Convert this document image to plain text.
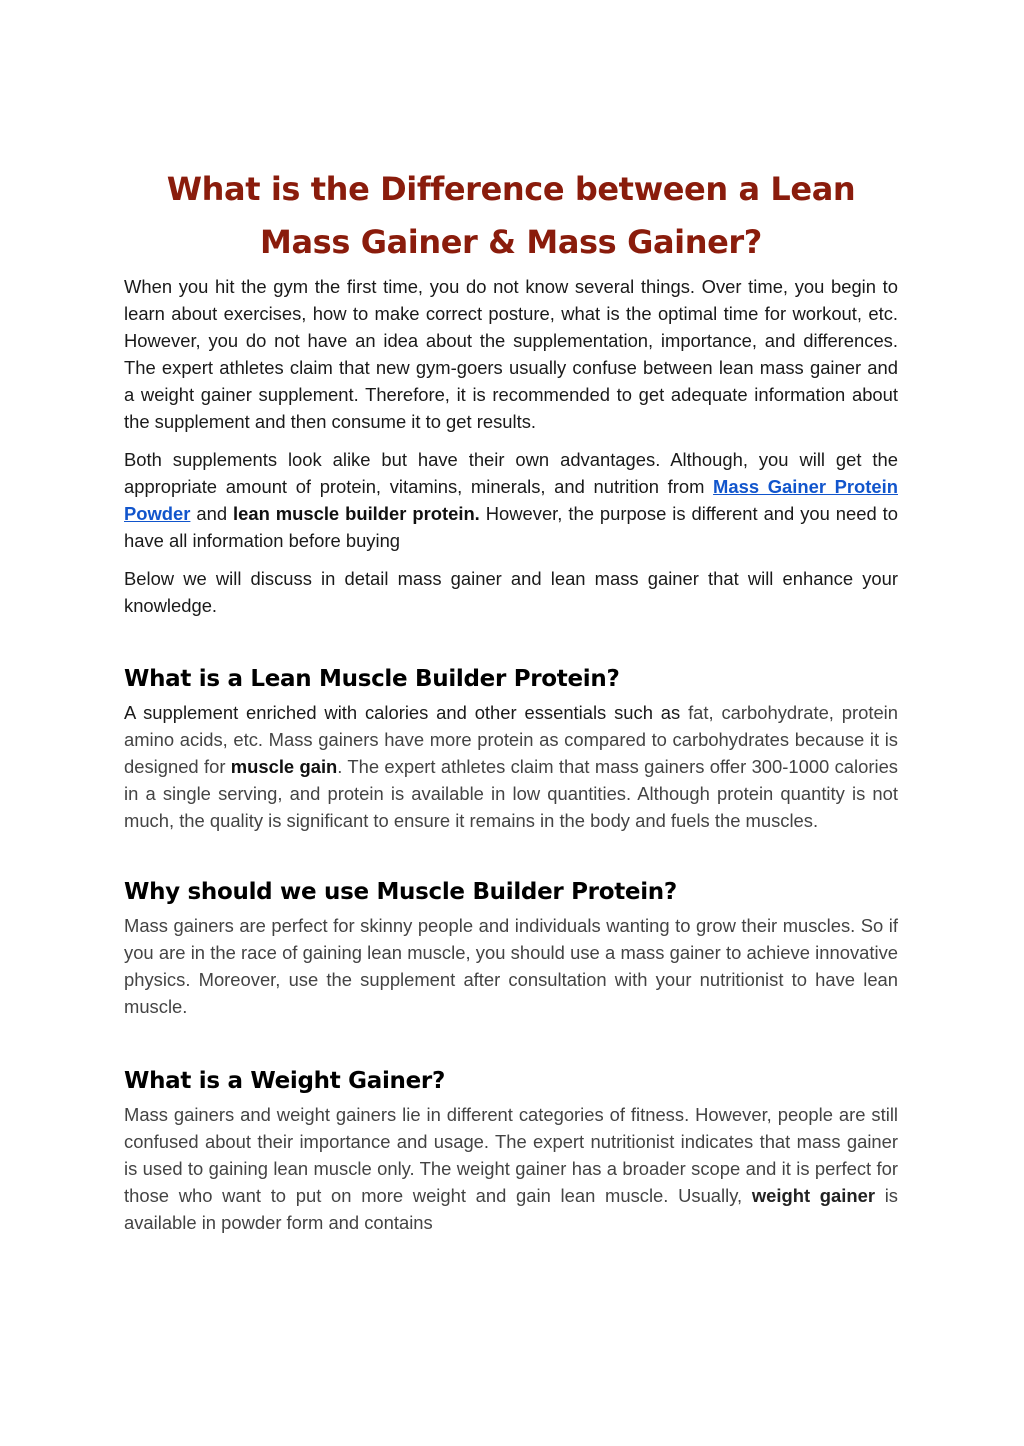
What is the Difference between a Lean Mass Gainer & Mass Gainer?

When you hit the gym the first time, you do not know several things. Over time, you begin to learn about exercises, how to make correct posture, what is the optimal time for workout, etc. However, you do not have an idea about the supplementation, importance, and differences. The expert athletes claim that new gym-goers usually confuse between lean mass gainer and a weight gainer supplement. Therefore, it is recommended to get adequate information about the supplement and then consume it to get results.

Both supplements look alike but have their own advantages. Although, you will get the appropriate amount of protein, vitamins, minerals, and nutrition from Mass Gainer Protein Powder and lean muscle builder protein. However, the purpose is different and you need to have all information before buying

Below we will discuss in detail mass gainer and lean mass gainer that will enhance your knowledge.

What is a Lean Muscle Builder Protein?

A supplement enriched with calories and other essentials such as fat, carbohydrate, protein amino acids, etc. Mass gainers have more protein as compared to carbohydrates because it is designed for muscle gain. The expert athletes claim that mass gainers offer 300-1000 calories in a single serving, and protein is available in low quantities. Although protein quantity is not much, the quality is significant to ensure it remains in the body and fuels the muscles.

Why should we use Muscle Builder Protein?

Mass gainers are perfect for skinny people and individuals wanting to grow their muscles. So if you are in the race of gaining lean muscle, you should use a mass gainer to achieve innovative physics. Moreover, use the supplement after consultation with your nutritionist to have lean muscle.

What is a Weight Gainer?

Mass gainers and weight gainers lie in different categories of fitness. However, people are still confused about their importance and usage. The expert nutritionist indicates that mass gainer is used to gaining lean muscle only. The weight gainer has a broader scope and it is perfect for those who want to put on more weight and gain lean muscle. Usually, weight gainer is available in powder form and contains
